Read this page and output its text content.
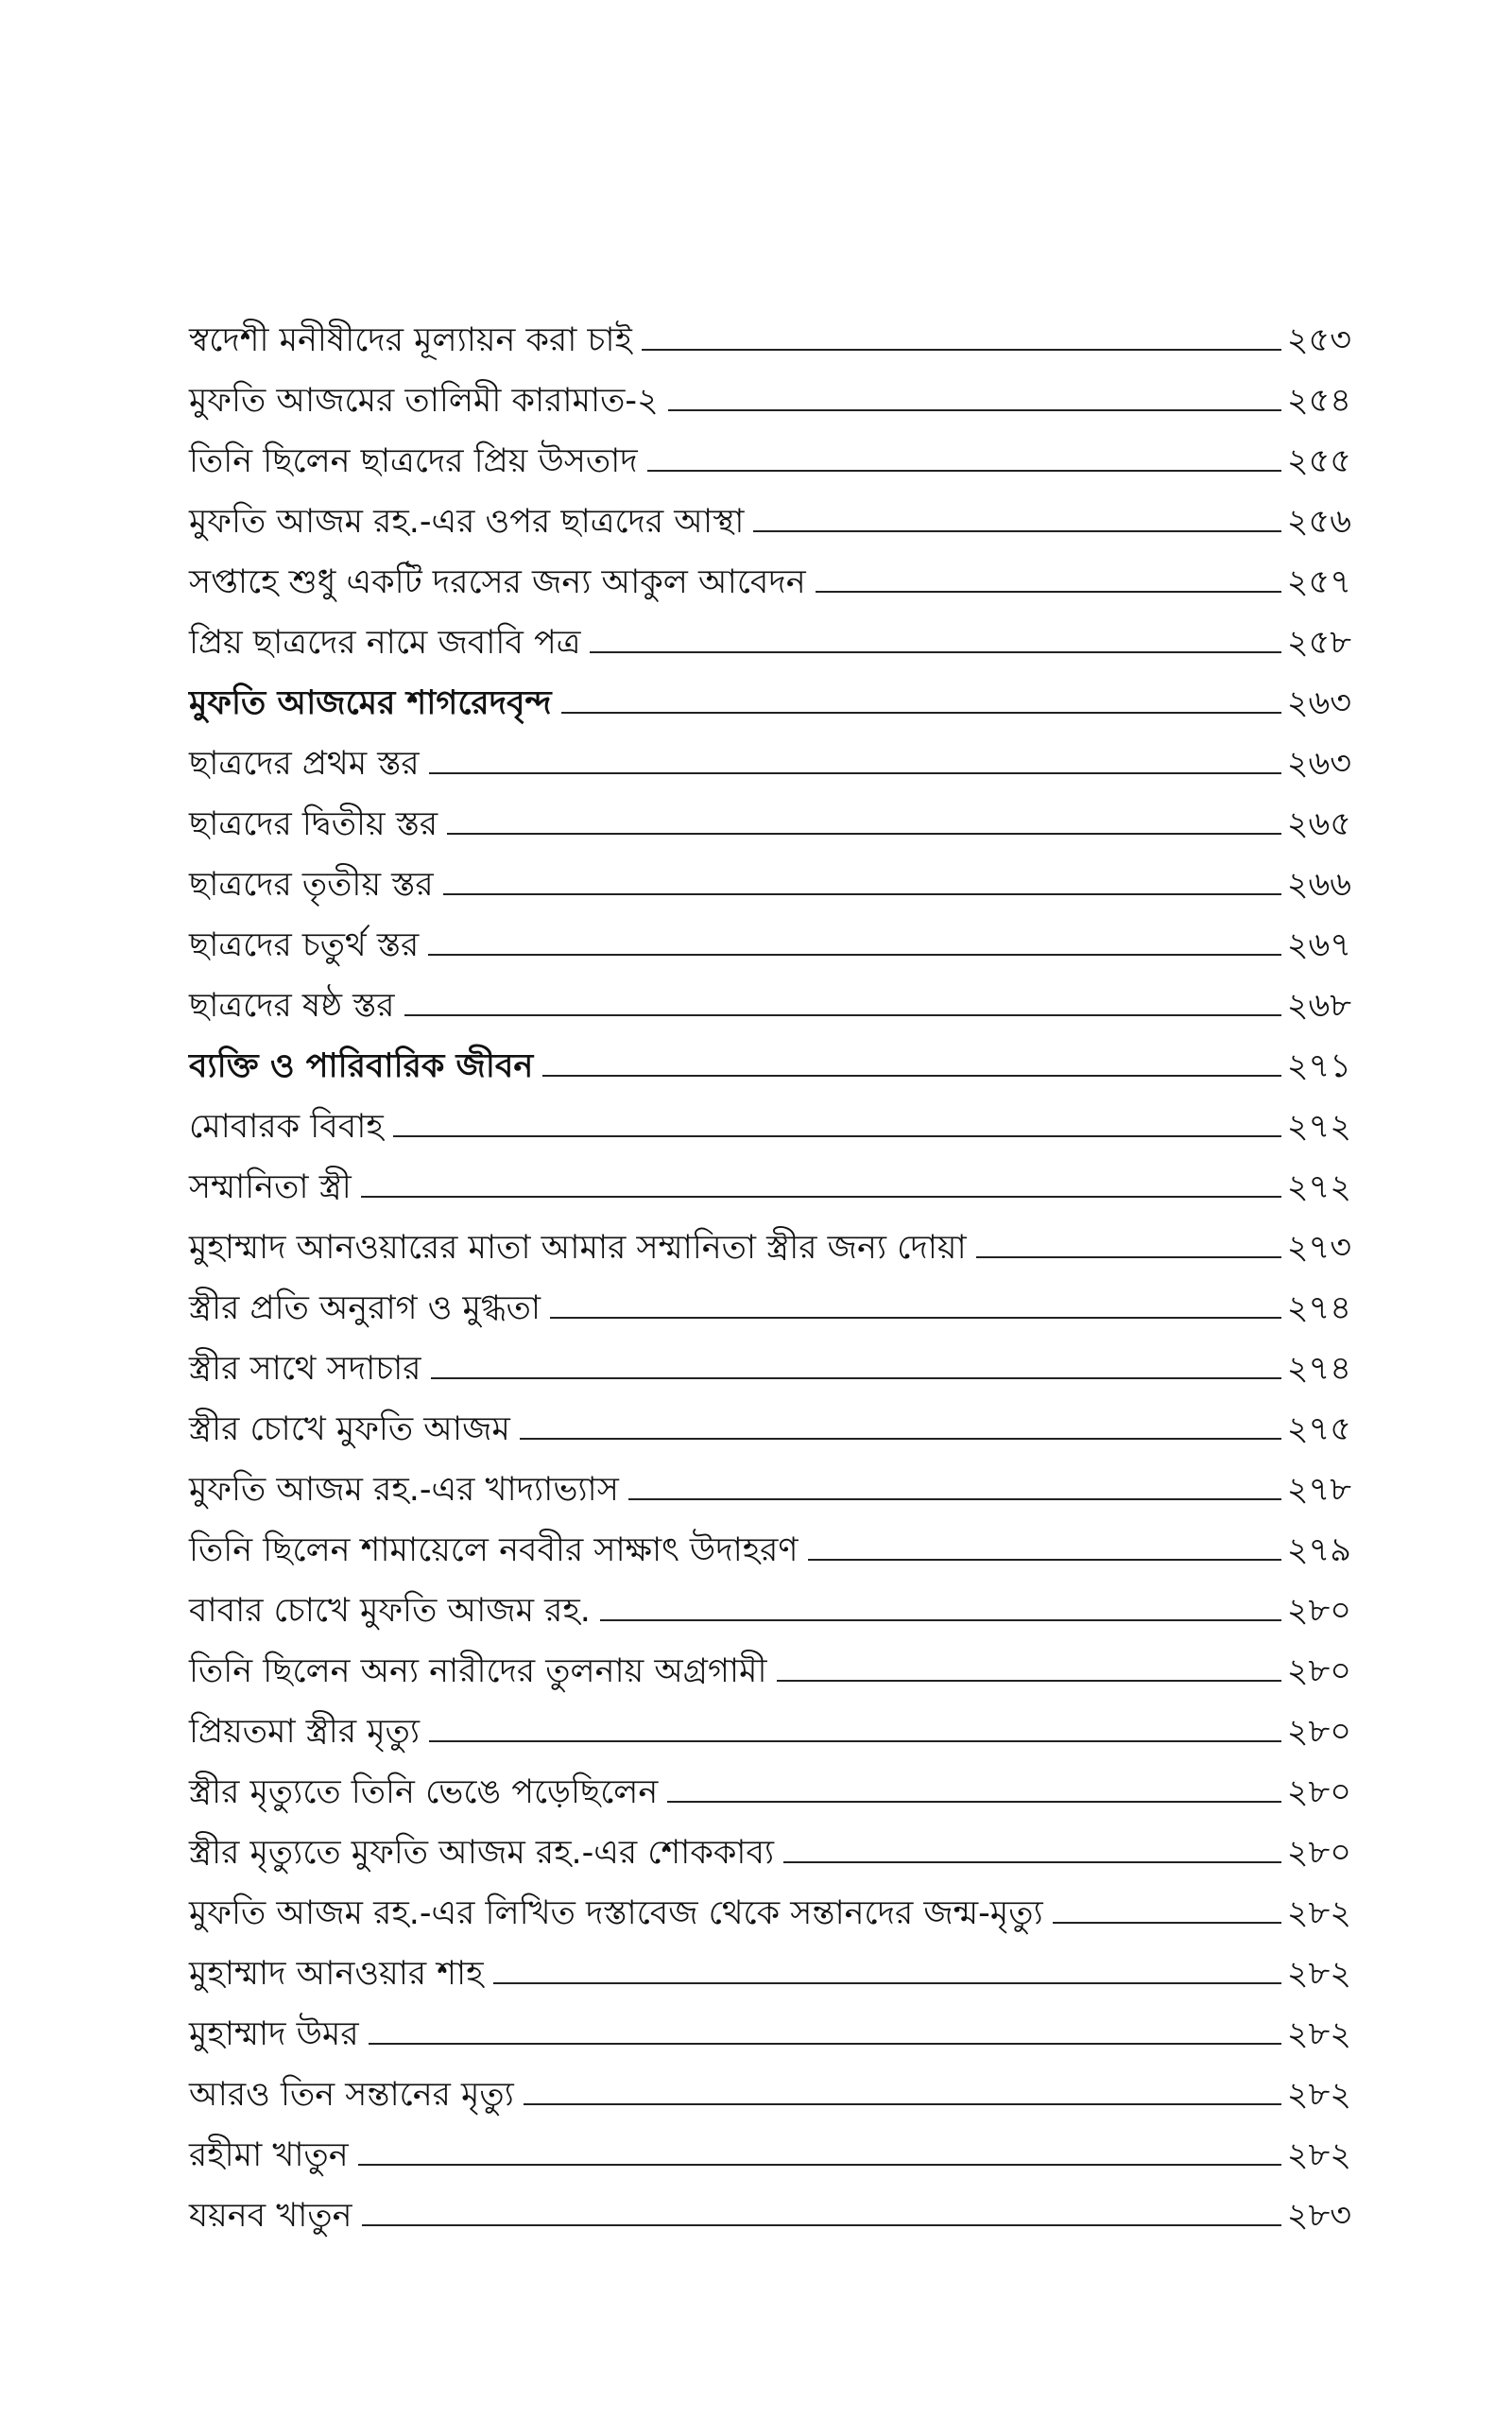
স্বদেশী মনীষীদের মূল্যায়ন করা চাই	২৫৩
মুফতি আজমের তালিমী কারামাত-২	২৫৪
তিনি ছিলেন ছাত্রদের প্রিয় উসতাদ	২৫৫
মুফতি আজম রহ.-এর ওপর ছাত্রদের আস্থা	২৫৬
সপ্তাহে শুধু একটি দরসের জন্য আকুল আবেদন	২৫৭
প্রিয় ছাত্রদের নামে জবাবি পত্র	২৫৮
মুফতি আজমের শাগরেদবৃন্দ	২৬৩
ছাত্রদের প্রথম স্তর	২৬৩
ছাত্রদের দ্বিতীয় স্তর	২৬৫
ছাত্রদের তৃতীয় স্তর	২৬৬
ছাত্রদের চতুর্থ স্তর	২৬৭
ছাত্রদের ষষ্ঠ স্তর	২৬৮
ব্যক্তি ও পারিবারিক জীবন	২৭১
মোবারক বিবাহ	২৭২
সম্মানিতা স্ত্রী	২৭২
মুহাম্মাদ আনওয়ারের মাতা আমার সম্মানিতা স্ত্রীর জন্য দোয়া	২৭৩
স্ত্রীর প্রতি অনুরাগ ও মুগ্ধতা	২৭৪
স্ত্রীর সাথে সদাচার	২৭৪
স্ত্রীর চোখে মুফতি আজম	২৭৫
মুফতি আজম রহ.-এর খাদ্যাভ্যাস	২৭৮
তিনি ছিলেন শামায়েলে নববীর সাক্ষাৎ উদাহরণ	২৭৯
বাবার চোখে মুফতি আজম রহ.	২৮০
তিনি ছিলেন অন্য নারীদের তুলনায় অগ্রগামী	২৮০
প্রিয়তমা স্ত্রীর মৃত্যু	২৮০
স্ত্রীর মৃত্যুতে তিনি ভেঙে পড়েছিলেন	২৮০
স্ত্রীর মৃত্যুতে মুফতি আজম রহ.-এর শোককাব্য	২৮০
মুফতি আজম রহ.-এর লিখিত দস্তাবেজ থেকে সন্তানদের জন্ম-মৃত্যু	২৮২
মুহাম্মাদ আনওয়ার শাহ	২৮২
মুহাম্মাদ উমর	২৮২
আরও তিন সন্তানের মৃত্যু	২৮২
রহীমা খাতুন	২৮২
যয়নব খাতুন	২৮৩
